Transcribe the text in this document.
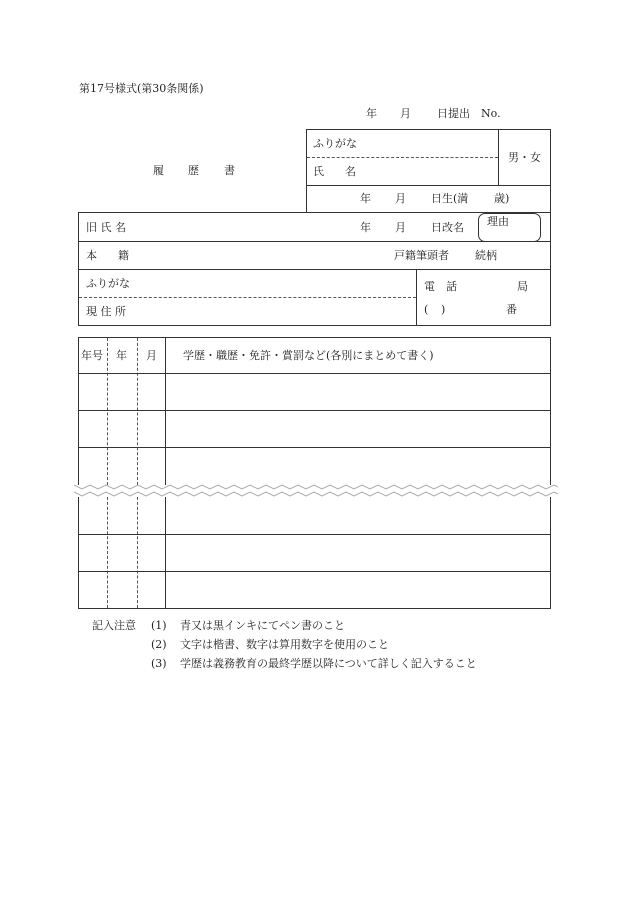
第17号様式(第30条関係)
年 月 日提出 No.
履 歴 書
ふりがな
氏 名
男・女
年 月 日生(満 歳)
旧 氏 名	年 月 日改名 理由
本 籍	戸籍筆頭者 続柄
ふりがな
現 住 所
電 話	局
( )	番
年号 年 月 学歴・職歴・免許・賞罰など(各別にまとめて書く)
記入注意 (1) 青又は黒インキにてペン書のこと
(2) 文字は楷書、数字は算用数字を使用のこと
(3) 学歴は義務教育の最終学歴以降について詳しく記入すること
